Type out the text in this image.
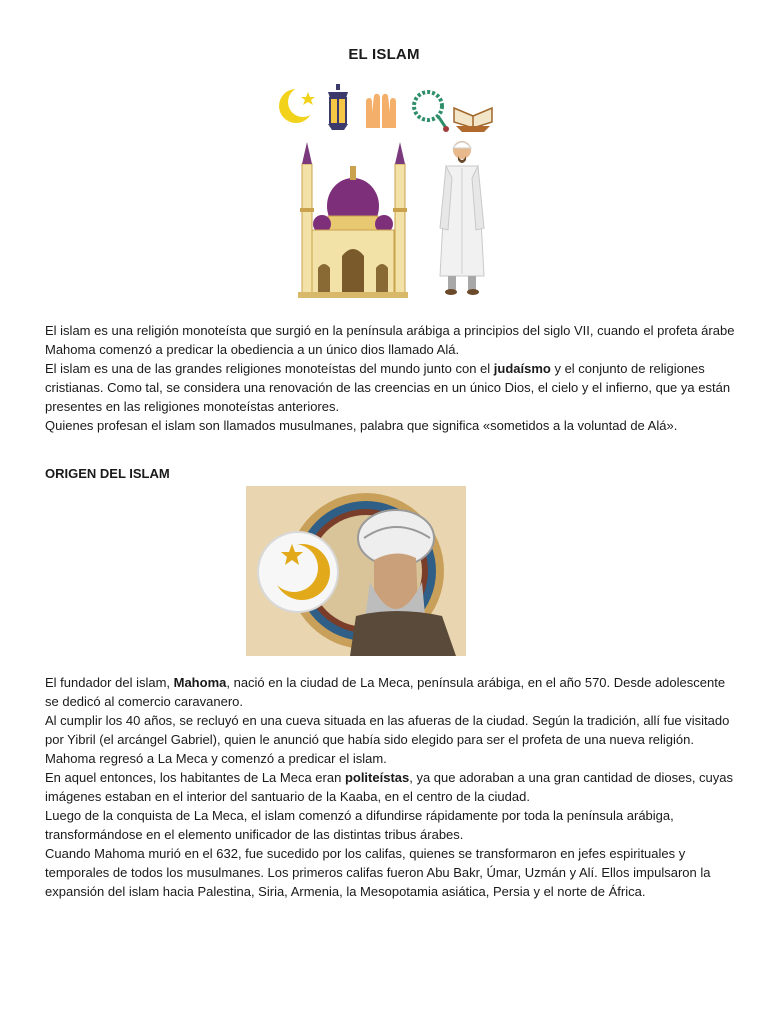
EL ISLAM

El islam es una religión monoteísta que surgió en la península arábiga a principios del siglo VII, cuando el profeta árabe Mahoma comenzó a predicar la obediencia a un único dios llamado Alá.

El islam es una de las grandes religiones monoteístas del mundo junto con el judaísmo y el conjunto de religiones cristianas. Como tal, se considera una renovación de las creencias en un único Dios, el cielo y el infierno, que ya están presentes en las religiones monoteístas anteriores.

Quienes profesan el islam son llamados musulmanes, palabra que significa «sometidos a la voluntad de Alá».

ORIGEN DEL ISLAM

El fundador del islam, Mahoma, nació en la ciudad de La Meca, península arábiga, en el año 570. Desde adolescente se dedicó al comercio caravanero.

Al cumplir los 40 años, se recluyó en una cueva situada en las afueras de la ciudad. Según la tradición, allí fue visitado por Yibril (el arcángel Gabriel), quien le anunció que había sido elegido para ser el profeta de una nueva religión. Mahoma regresó a La Meca y comenzó a predicar el islam.

En aquel entonces, los habitantes de La Meca eran politeístas, ya que adoraban a una gran cantidad de dioses, cuyas imágenes estaban en el interior del santuario de la Kaaba, en el centro de la ciudad.

Luego de la conquista de La Meca, el islam comenzó a difundirse rápidamente por toda la península arábiga, transformándose en el elemento unificador de las distintas tribus árabes.

Cuando Mahoma murió en el 632, fue sucedido por los califas, quienes se transformaron en jefes espirituales y temporales de todos los musulmanes. Los primeros califas fueron Abu Bakr, Úmar, Uzmán y Alí. Ellos impulsaron la expansión del islam hacia Palestina, Siria, Armenia, la Mesopotamia asiática, Persia y el norte de África.
